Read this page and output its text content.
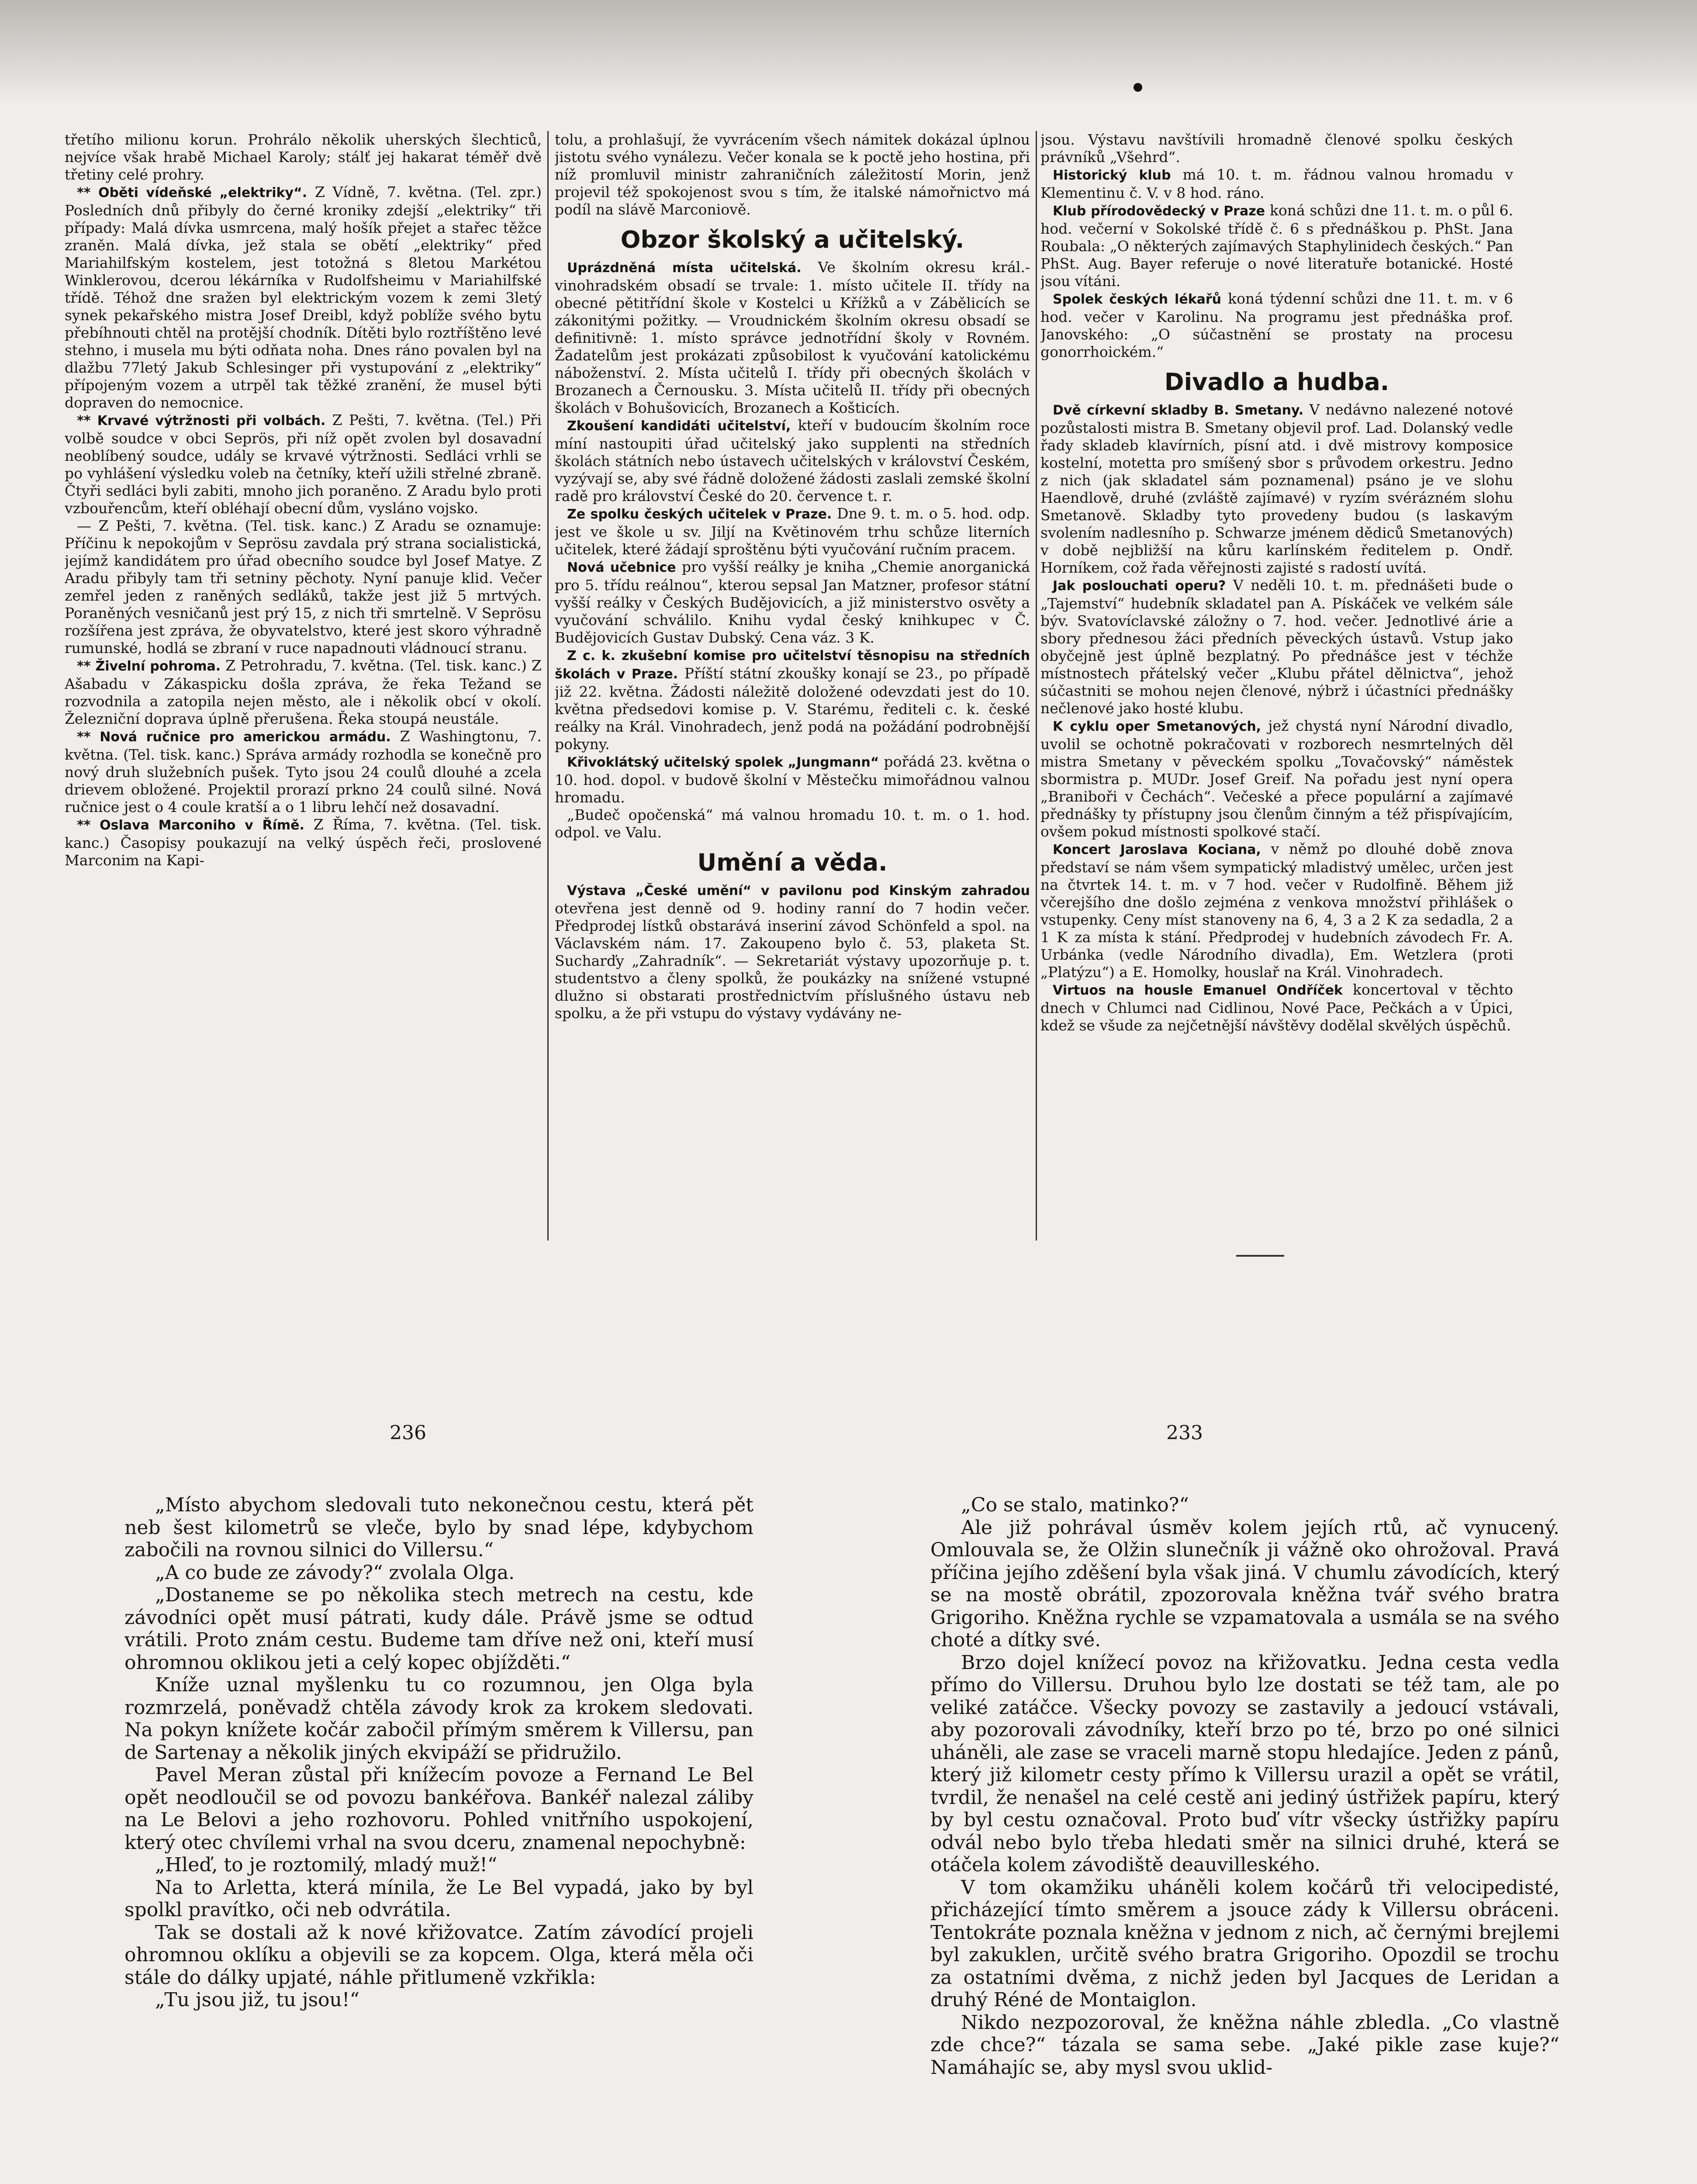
třetího milionu korun. Prohrálo několik uherských šlechticů, nejvíce však hrabě Michael Karoly; stálť jej hakarat téměř dvě třetiny celé prohry.

** Oběti vídeňské „elektriky“. Z Vídně, 7. května. (Tel. zpr.) Posledních dnů přibyly do černé kroniky zdejší „elektriky“ tři případy: Malá dívka usmrcena, malý hošík přejet a stařec těžce zraněn. Malá dívka, jež stala se obětí „elektriky“ před Mariahilfským kostelem, jest totožná s 8letou Markétou Winklerovou, dcerou lékárníka v Rudolfsheimu v Mariahilfské třídě. Téhož dne sražen byl elektrickým vozem k zemi 3letý synek pekařského mistra Josef Dreibl, když poblíže svého bytu přebíhnouti chtěl na protější chodník. Dítěti bylo roztříštěno levé stehno, i musela mu býti odňata noha. Dnes ráno povalen byl na dlažbu 77letý Jakub Schlesinger při vystupování z „elektriky“ přípojeným vozem a utrpěl tak těžké zranění, že musel býti dopraven do nemocnice.

** Krvavé výtržnosti při volbách. Z Pešti, 7. května. (Tel.) Při volbě soudce v obci Seprös, při níž opět zvolen byl dosavadní neoblíbený soudce, udály se krvavé výtržnosti. Sedláci vrhli se po vyhlášení výsledku voleb na četníky, kteří užili střelné zbraně. Čtyři sedláci byli zabiti, mnoho jich poraněno. Z Aradu bylo proti vzbouřencům, kteří obléhají obecní dům, vysláno vojsko.

— Z Pešti, 7. května. (Tel. tisk. kanc.) Z Aradu se oznamuje: Příčinu k nepokojům v Seprösu zavdala prý strana socialistická, jejímž kandidátem pro úřad obecního soudce byl Josef Matye. Z Aradu přibyly tam tři setniny pěchoty. Nyní panuje klid. Večer zemřel jeden z raněných sedláků, takže jest již 5 mrtvých. Poraněných vesničanů jest prý 15, z nich tři smrtelně. V Seprösu rozšířena jest zpráva, že obyvatelstvo, které jest skoro výhradně rumunské, hodlá se zbraní v ruce napadnouti vládnoucí stranu.

** Živelní pohroma. Z Petrohradu, 7. května. (Tel. tisk. kanc.) Z Ašabadu v Zákaspicku došla zpráva, že řeka Težand se rozvodnila a zatopila nejen město, ale i několik obcí v okolí. Železniční doprava úplně přerušena. Řeka stoupá neustále.

** Nová ručnice pro americkou armádu. Z Washingtonu, 7. května. (Tel. tisk. kanc.) Správa armády rozhodla se konečně pro nový druh služebních pušek. Tyto jsou 24 coulů dlouhé a zcela drievem obložené. Projektil prorazí prkno 24 coulů silné. Nová ručnice jest o 4 coule kratší a o 1 libru lehčí než dosavadní.

** Oslava Marconiho v Římě. Z Říma, 7. května. (Tel. tisk. kanc.) Časopisy poukazují na velký úspěch řeči, proslovené Marconim na Kapi-

tolu, a prohlašují, že vyvrácením všech námitek dokázal úplnou jistotu svého vynálezu. Večer konala se k poctě jeho hostina, při níž promluvil ministr zahraničních záležitostí Morin, jenž projevil též spokojenost svou s tím, že italské námořnictvo má podíl na slávě Marconiově.

Obzor školský a učitelský.

Uprázdněná místa učitelská. Ve školním okresu král.-vinohradském obsadí se trvale: 1. místo učitele II. třídy na obecné pětitřídní škole v Kostelci u Křížků a v Zábělicích se zákonitými požitky. — Vroudnickém školním okresu obsadí se definitivně: 1. místo správce jednotřídní školy v Rovném. Žadatelům jest prokázati způsobilost k vyučování katolickému náboženství. 2. Místa učitelů I. třídy při obecných školách v Brozanech a Černousku. 3. Místa učitelů II. třídy při obecných školách v Bohušovicích, Brozanech a Košticích.

Zkoušení kandidáti učitelství, kteří v budoucím školním roce míní nastoupiti úřad učitelský jako supplenti na středních školách státních nebo ústavech učitelských v království Českém, vyzývají se, aby své řádně doložené žádosti zaslali zemské školní radě pro království České do 20. července t. r.

Ze spolku českých učitelek v Praze. Dne 9. t. m. o 5. hod. odp. jest ve škole u sv. Jiljí na Květinovém trhu schůze literních učitelek, které žádají sproštěnu býti vyučování ručním pracem.

Nová učebnice pro vyšší reálky je kniha „Chemie anorganická pro 5. třídu reálnou“, kterou sepsal Jan Matzner, profesor státní vyšší reálky v Českých Budějovicích, a již ministerstvo osvěty a vyučování schválilo. Knihu vydal český knihkupec v Č. Budějovicích Gustav Dubský. Cena váz. 3 K.

Z c. k. zkušební komise pro učitelství těsnopisu na středních školách v Praze. Příští státní zkoušky konají se 23., po případě již 22. května. Žádosti náležitě doložené odevzdati jest do 10. května předsedovi komise p. V. Starému, řediteli c. k. české reálky na Král. Vinohradech, jenž podá na požádání podrobnější pokyny.

Křivoklátský učitelský spolek „Jungmann“ pořádá 23. května o 10. hod. dopol. v budově školní v Městečku mimořádnou valnou hromadu.

„Budeč opočenská“ má valnou hromadu 10. t. m. o 1. hod. odpol. ve Valu.

Umění a věda.

Výstava „České umění“ v pavilonu pod Kinským zahradou otevřena jest denně od 9. hodiny ranní do 7 hodin večer. Předprodej lístků obstarává inseriní závod Schönfeld a spol. na Václavském nám. 17. Zakoupeno bylo č. 53, plaketa St. Sucharďy „Zahradník“. — Sekretariát výstavy upozorňuje p. t. studentstvo a členy spolků, že poukázky na snížené vstupné dlužno si obstarati prostřednictvím příslušného ústavu neb spolku, a že při vstupu do výstavy vydávány ne-

jsou. Výstavu navštívili hromadně členové spolku českých právníků „Všehrd“.

Historický klub má 10. t. m. řádnou valnou hromadu v Klementinu č. V. v 8 hod. ráno.

Klub přírodovědecký v Praze koná schůzi dne 11. t. m. o půl 6. hod. večerní v Sokolské třídě č. 6 s přednáškou p. PhSt. Jana Roubala: „O některých zajímavých Staphylinidech českých.“ Pan PhSt. Aug. Bayer referuje o nové literatuře botanické. Hosté jsou vítáni.

Spolek českých lékařů koná týdenní schůzi dne 11. t. m. v 6 hod. večer v Karolinu. Na programu jest přednáška prof. Janovského: „O súčastnění se prostaty na procesu gonorrhoickém.“

Divadlo a hudba.

Dvě církevní skladby B. Smetany. V nedávno nalezené notové pozůstalosti mistra B. Smetany objevil prof. Lad. Dolanský vedle řady skladeb klavírních, písní atd. i dvě mistrovy komposice kostelní, motetta pro smíšený sbor s průvodem orkestru. Jedno z nich (jak skladatel sám poznamenal) psáno je ve slohu Haendlově, druhé (zvláště zajímavé) v ryzím svérázném slohu Smetanově. Skladby tyto provedeny budou (s laskavým svolením nadlesního p. Schwarze jménem dědiců Smetanových) v době nejbližší na kůru karlínském ředitelem p. Ondř. Horníkem, což řada věřejnosti zajisté s radostí uvítá.

Jak poslouchati operu? V neděli 10. t. m. přednášeti bude o „Tajemství“ hudebník skladatel pan A. Pískáček ve velkém sále býv. Svatovíclavské záložny o 7. hod. večer. Jednotlivé árie a sbory přednesou žáci předních pěveckých ústavů. Vstup jako obyčejně jest úplně bezplatný. Po přednášce jest v téchže místnostech přátelský večer „Klubu přátel dělnictva“, jehož súčastniti se mohou nejen členové, nýbrž i účastníci přednášky nečlenové jako hosté klubu.

K cyklu oper Smetanových, jež chystá nyní Národní divadlo, uvolil se ochotně pokračovati v rozborech nesmrtelných děl mistra Smetany v pěveckém spolku „Tovačovský“ náměstek sbormistra p. MUDr. Josef Greif. Na pořadu jest nyní opera „Braniboři v Čechách“. Večeské a přece populární a zajímavé přednášky ty přístupny jsou členům činným a též přispívajícím, ovšem pokud místnosti spolkové stačí.

Koncert Jaroslava Kociana, v němž po dlouhé době znova představí se nám všem sympatický mladistvý umělec, určen jest na čtvrtek 14. t. m. v 7 hod. večer v Rudolfině. Během již včerejšího dne došlo zejména z venkova množství přihlášek o vstupenky. Ceny míst stanoveny na 6, 4, 3 a 2 K za sedadla, 2 a 1 K za místa k stání. Předprodej v hudebních závodech Fr. A. Urbánka (vedle Národního divadla), Em. Wetzlera (proti „Platýzu“) a E. Homolky, houslař na Král. Vinohradech.

Virtuos na housle Emanuel Ondříček koncertoval v těchto dnech v Chlumci nad Cidlinou, Nové Pace, Pečkách a v Úpici, kdež se všude za nejčetnější návštěvy dodělal skvělých úspěchů.

236	233

„Místo abychom sledovali tuto nekonečnou cestu, která pět neb šest kilometrů se vleče, bylo by snad lépe, kdybychom zabočili na rovnou silnici do Villersu.“

„A co bude ze závody?“ zvolala Olga.

„Dostaneme se po několika stech metrech na cestu, kde závodníci opět musí pátrati, kudy dále. Právě jsme se odtud vrátili. Proto znám cestu. Budeme tam dříve než oni, kteří musí ohromnou oklikou jeti a celý kopec objížděti.“

Kníže uznal myšlenku tu co rozumnou, jen Olga byla rozmrzelá, poněvadž chtěla závody krok za krokem sledovati. Na pokyn knížete kočár zabočil přímým směrem k Villersu, pan de Sartenay a několik jiných ekvipáží se přidružilo.

Pavel Meran zůstal při knížecím povoze a Fernand Le Bel opět neodloučil se od povozu bankéřova. Bankéř nalezal záliby na Le Belovi a jeho rozhovoru. Pohled vnitřního uspokojení, který otec chvílemi vrhal na svou dceru, znamenal nepochybně:

„Hleď, to je roztomilý, mladý muž!“

Na to Arletta, která mínila, že Le Bel vypadá, jako by byl spolkl pravítko, oči neb odvrátila.

Tak se dostali až k nové křižovatce. Zatím závodící projeli ohromnou oklíku a objevili se za kopcem. Olga, která měla oči stále do dálky upjaté, náhle přitlumeně vzkřikla:

„Tu jsou již, tu jsou!“

„Co se stalo, matinko?“

Ale již pohrával úsměv kolem jejích rtů, ač vynucený. Omlouvala se, že Olžin slunečník ji vážně oko ohrožoval. Pravá příčina jejího zděšení byla však jiná. V chumlu závodících, který se na mostě obrátil, zpozorovala kněžna tvář svého bratra Grigoriho. Kněžna rychle se vzpamatovala a usmála se na svého choté a dítky své.

Brzo dojel knížecí povoz na křižovatku. Jedna cesta vedla přímo do Villersu. Druhou bylo lze dostati se též tam, ale po veliké zatáčce. Všecky povozy se zastavily a jedoucí vstávali, aby pozorovali závodníky, kteří brzo po té, brzo po oné silnici uháněli, ale zase se vraceli marně stopu hledajíce. Jeden z pánů, který již kilometr cesty přímo k Villersu urazil a opět se vrátil, tvrdil, že nenašel na celé cestě ani jediný ústřižek papíru, který by byl cestu označoval. Proto buď vítr všecky ústřižky papíru odvál nebo bylo třeba hledati směr na silnici druhé, která se otáčela kolem závodiště deauvilleského.

V tom okamžiku uháněli kolem kočárů tři velocipedisté, přicházející tímto směrem a jsouce zády k Villersu obráceni. Tentokráte poznala kněžna v jednom z nich, ač černými brejlemi byl zakuklen, určitě svého bratra Grigoriho. Opozdil se trochu za ostatními dvěma, z nichž jeden byl Jacques de Leridan a druhý Réné de Montaiglon.

Nikdo nezpozoroval, že kněžna náhle zbledla. „Co vlastně zde chce?“ tázala se sama sebe. „Jaké pikle zase kuje?“ Namáhajíc se, aby mysl svou uklid-
